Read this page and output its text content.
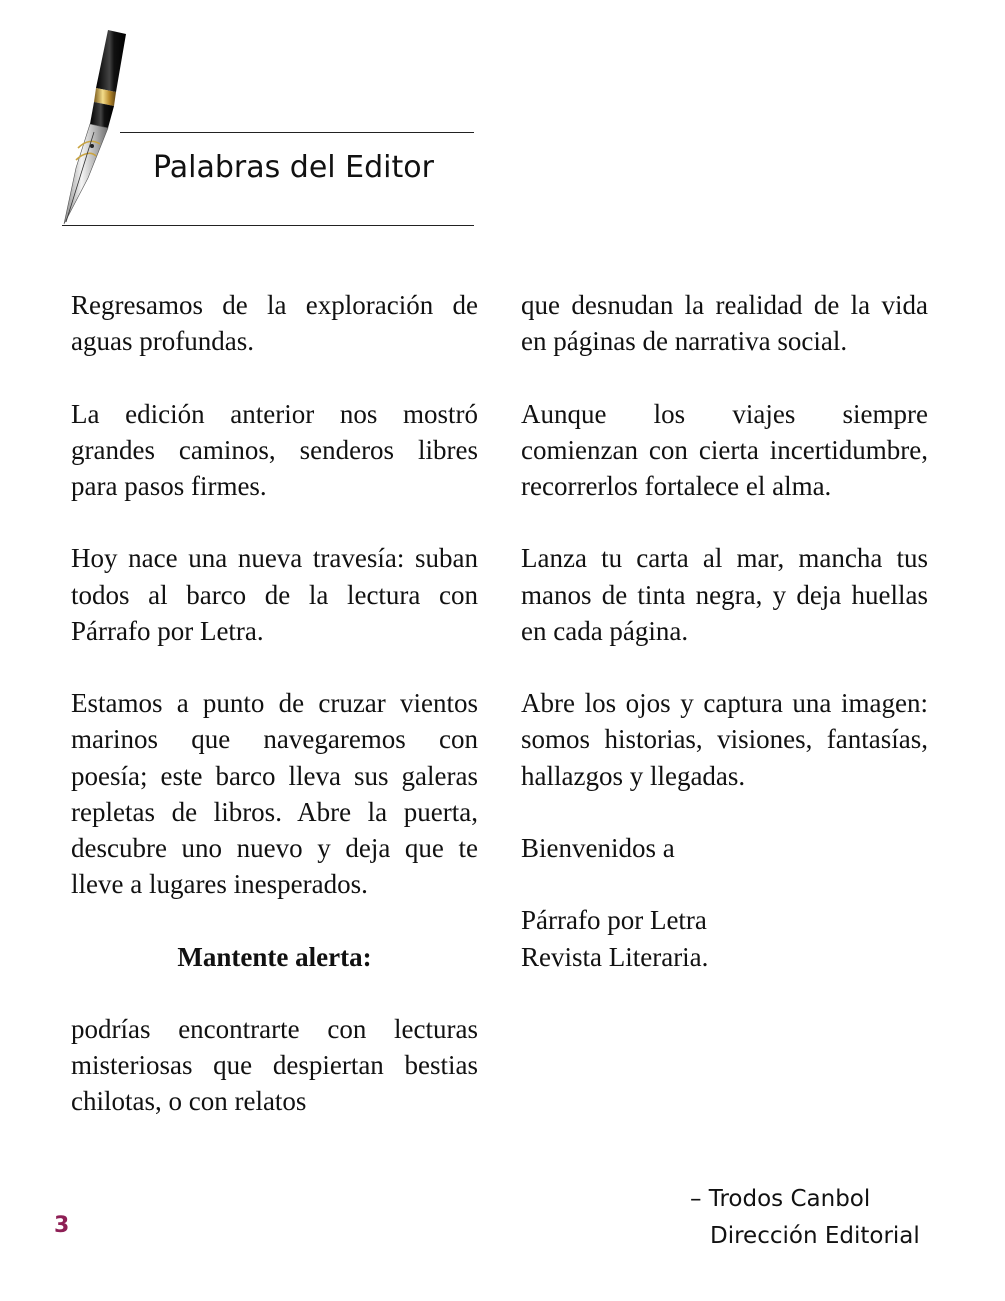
Palabras del Editor

Regresamos de la exploración de aguas profundas.

La edición anterior nos mostró grandes caminos, senderos libres para pasos firmes.

Hoy nace una nueva travesía: suban todos al barco de la lectura con Párrafo por Letra.

Estamos a punto de cruzar vientos marinos que navegaremos con poesía; este barco lleva sus galeras repletas de libros. Abre la puerta, descubre uno nuevo y deja que te lleve a lugares inesperados.

Mantente alerta:

podrías encontrarte con lecturas misteriosas que despiertan bestias chilotas, o con relatos

que desnudan la realidad de la vida en páginas de narrativa social.

Aunque los viajes siempre comienzan con cierta incertidumbre, recorrerlos fortalece el alma.

Lanza tu carta al mar, mancha tus manos de tinta negra, y deja huellas en cada página.

Abre los ojos y captura una imagen: somos historias, visiones, fantasías, hallazgos y llegadas.

Bienvenidos a

Párrafo por Letra

Revista Literaria.

– Trodos Canbol
Dirección Editorial
3
